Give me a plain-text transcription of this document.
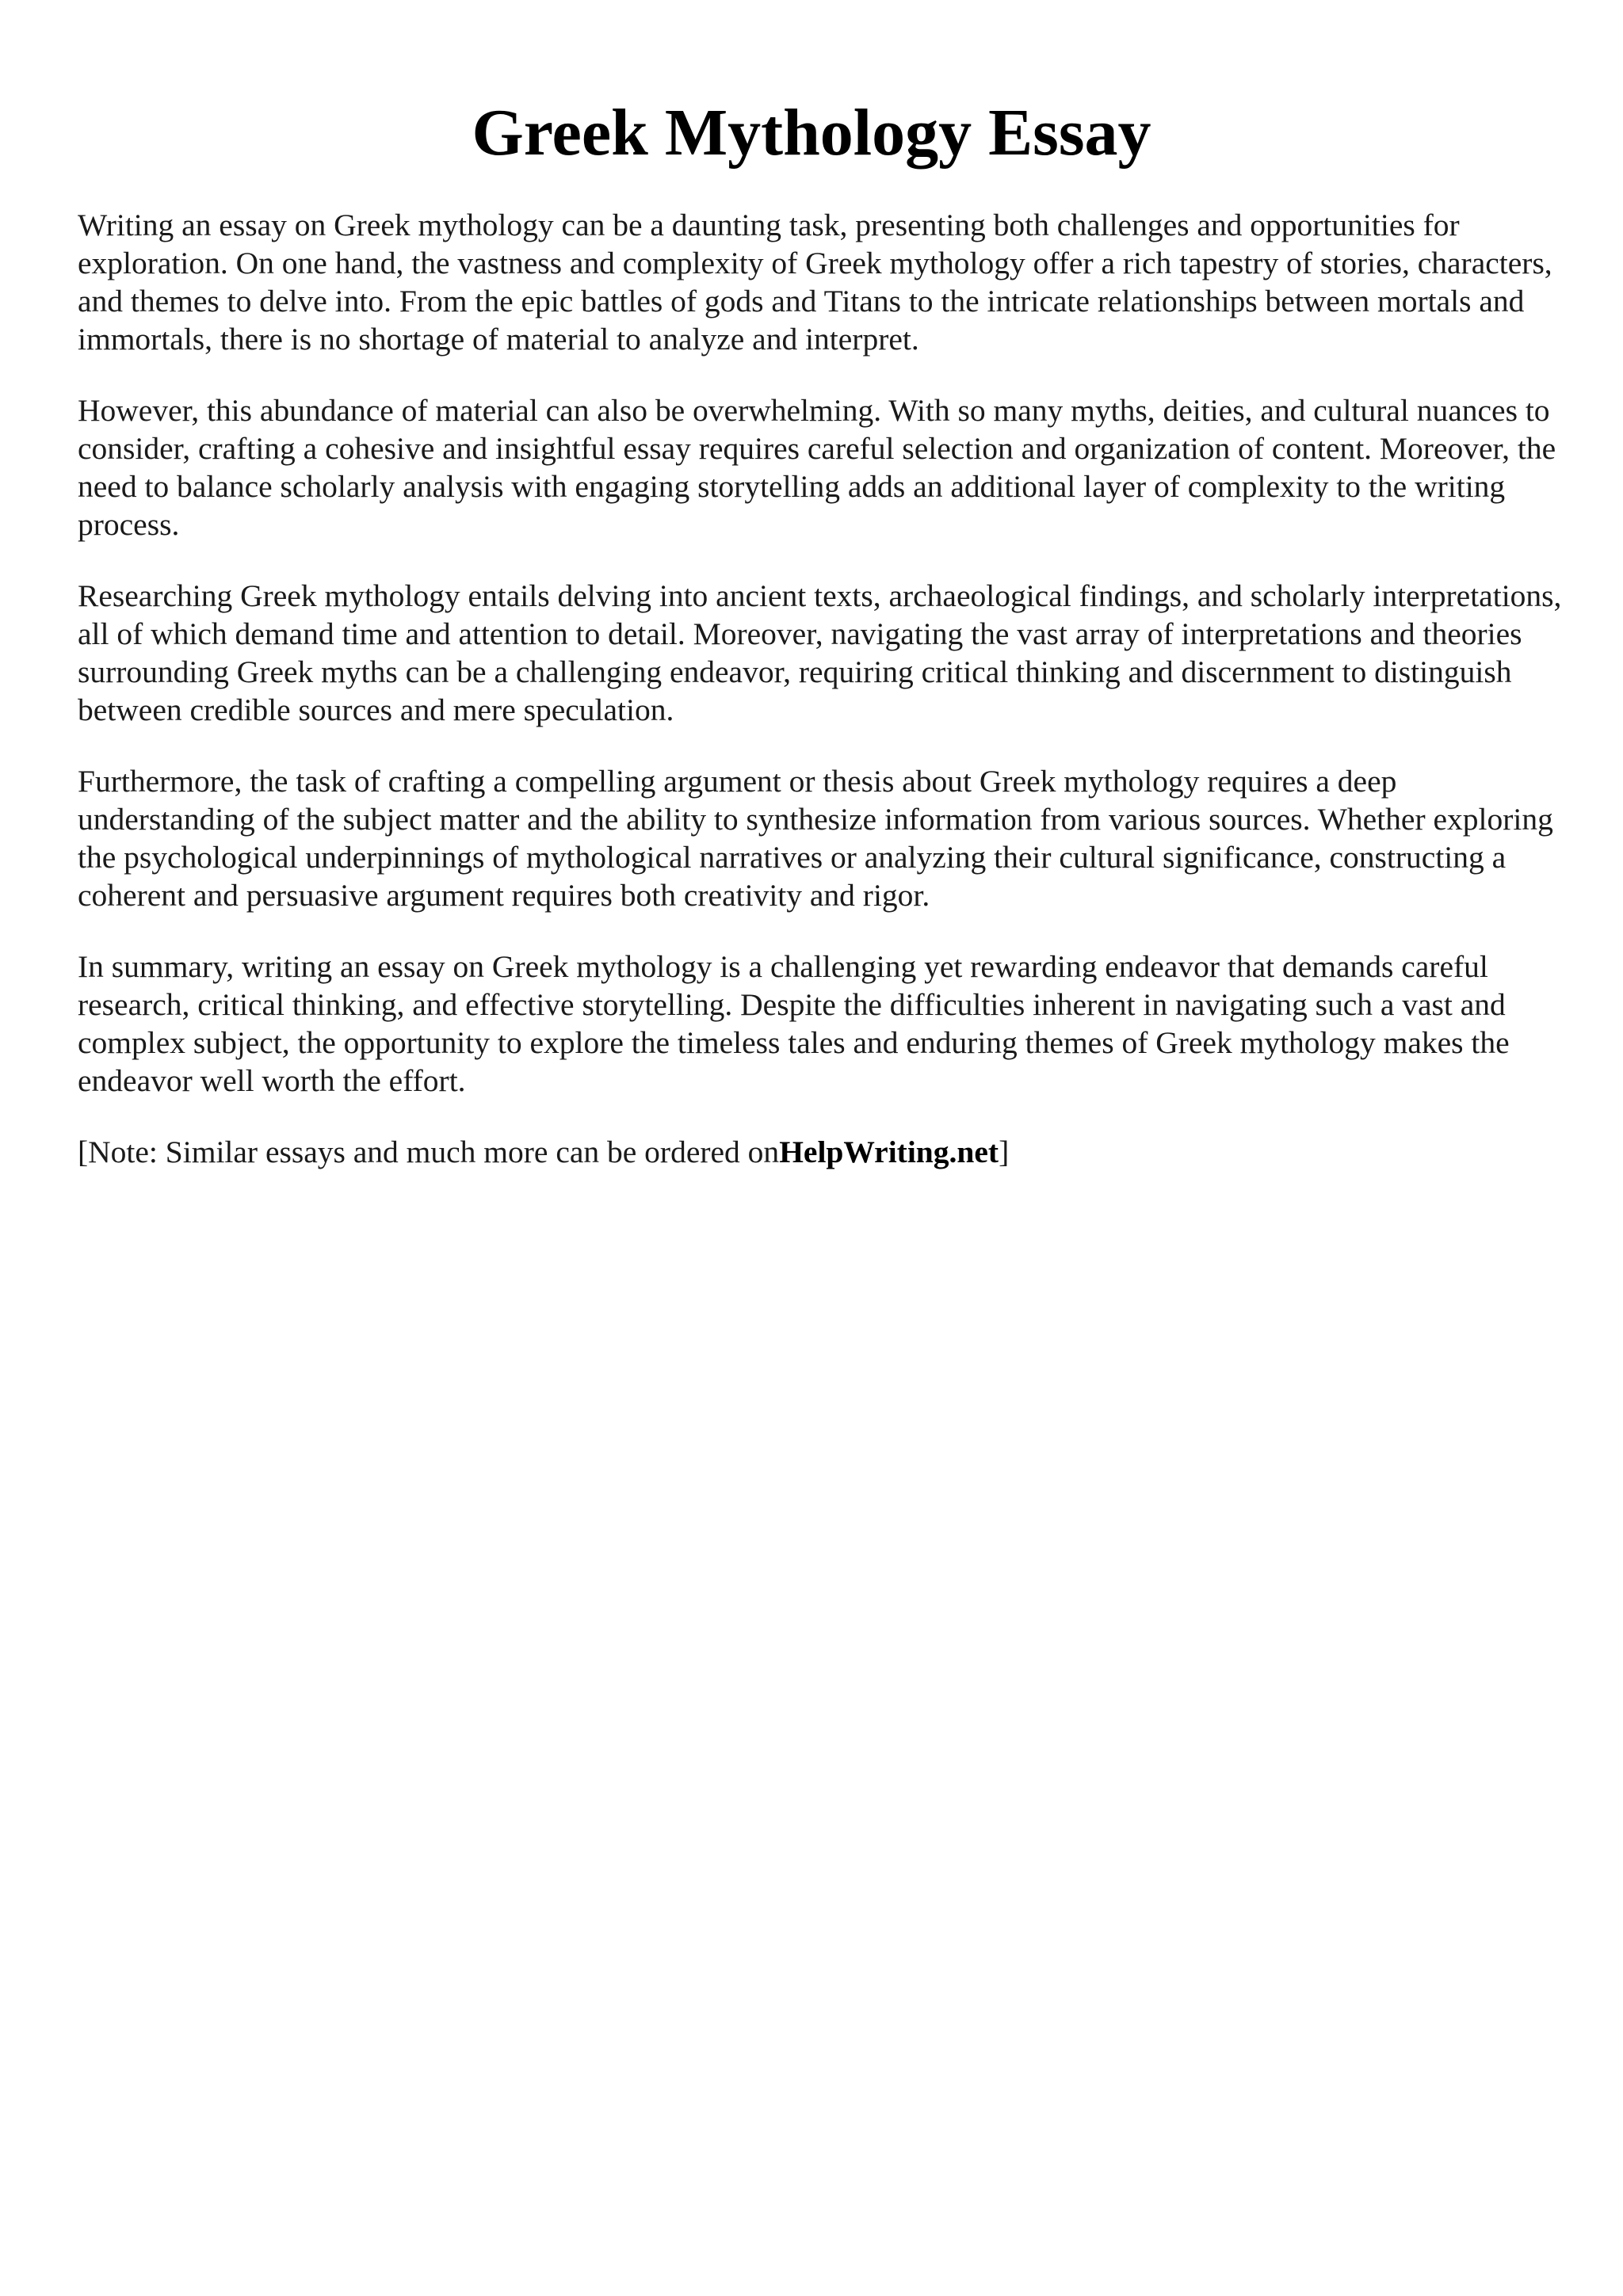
Greek Mythology Essay

Writing an essay on Greek mythology can be a daunting task, presenting both challenges and opportunities for exploration. On one hand, the vastness and complexity of Greek mythology offer a rich tapestry of stories, characters, and themes to delve into. From the epic battles of gods and Titans to the intricate relationships between mortals and immortals, there is no shortage of material to analyze and interpret.

However, this abundance of material can also be overwhelming. With so many myths, deities, and cultural nuances to consider, crafting a cohesive and insightful essay requires careful selection and organization of content. Moreover, the need to balance scholarly analysis with engaging storytelling adds an additional layer of complexity to the writing process.

Researching Greek mythology entails delving into ancient texts, archaeological findings, and scholarly interpretations, all of which demand time and attention to detail. Moreover, navigating the vast array of interpretations and theories surrounding Greek myths can be a challenging endeavor, requiring critical thinking and discernment to distinguish between credible sources and mere speculation.

Furthermore, the task of crafting a compelling argument or thesis about Greek mythology requires a deep understanding of the subject matter and the ability to synthesize information from various sources. Whether exploring the psychological underpinnings of mythological narratives or analyzing their cultural significance, constructing a coherent and persuasive argument requires both creativity and rigor.

In summary, writing an essay on Greek mythology is a challenging yet rewarding endeavor that demands careful research, critical thinking, and effective storytelling. Despite the difficulties inherent in navigating such a vast and complex subject, the opportunity to explore the timeless tales and enduring themes of Greek mythology makes the endeavor well worth the effort.

[Note: Similar essays and much more can be ordered onHelpWriting.net]
